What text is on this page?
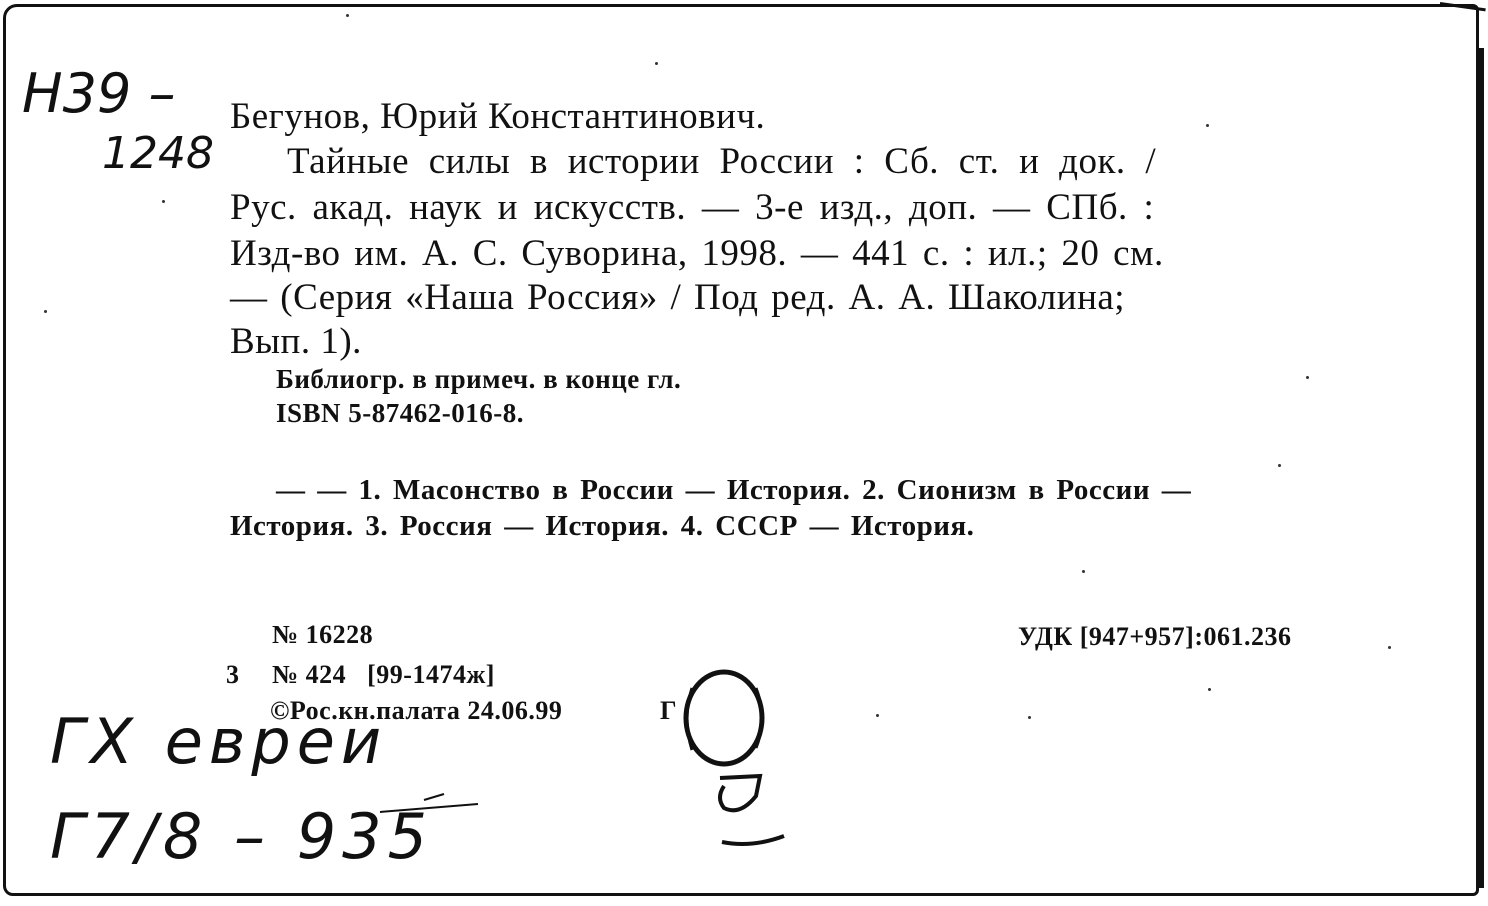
H39 –
1248
Бегунов, Юрий Константинович.
Тайные силы в истории России : Сб. ст. и док. /
Рус. акад. наук и искусств. — 3-е изд., доп. — СПб. :
Изд-во им. А. С. Суворина, 1998. — 441 с. : ил.; 20 см.
— (Серия «Наша Россия» / Под ред. А. А. Шаколина;
Вып. 1).
Библиогр. в примеч. в конце гл.
ISBN 5-87462-016-8.
— — 1. Масонство в России — История. 2. Сионизм в России —
История. 3. Россия — История. 4. СССР — История.
№ 16228	УДК [947+957]:061.236
3 № 424   [99-1474ж]
©Рос.кн.палата 24.06.99	Г
ГХ евреи
Г7/8 – 935
